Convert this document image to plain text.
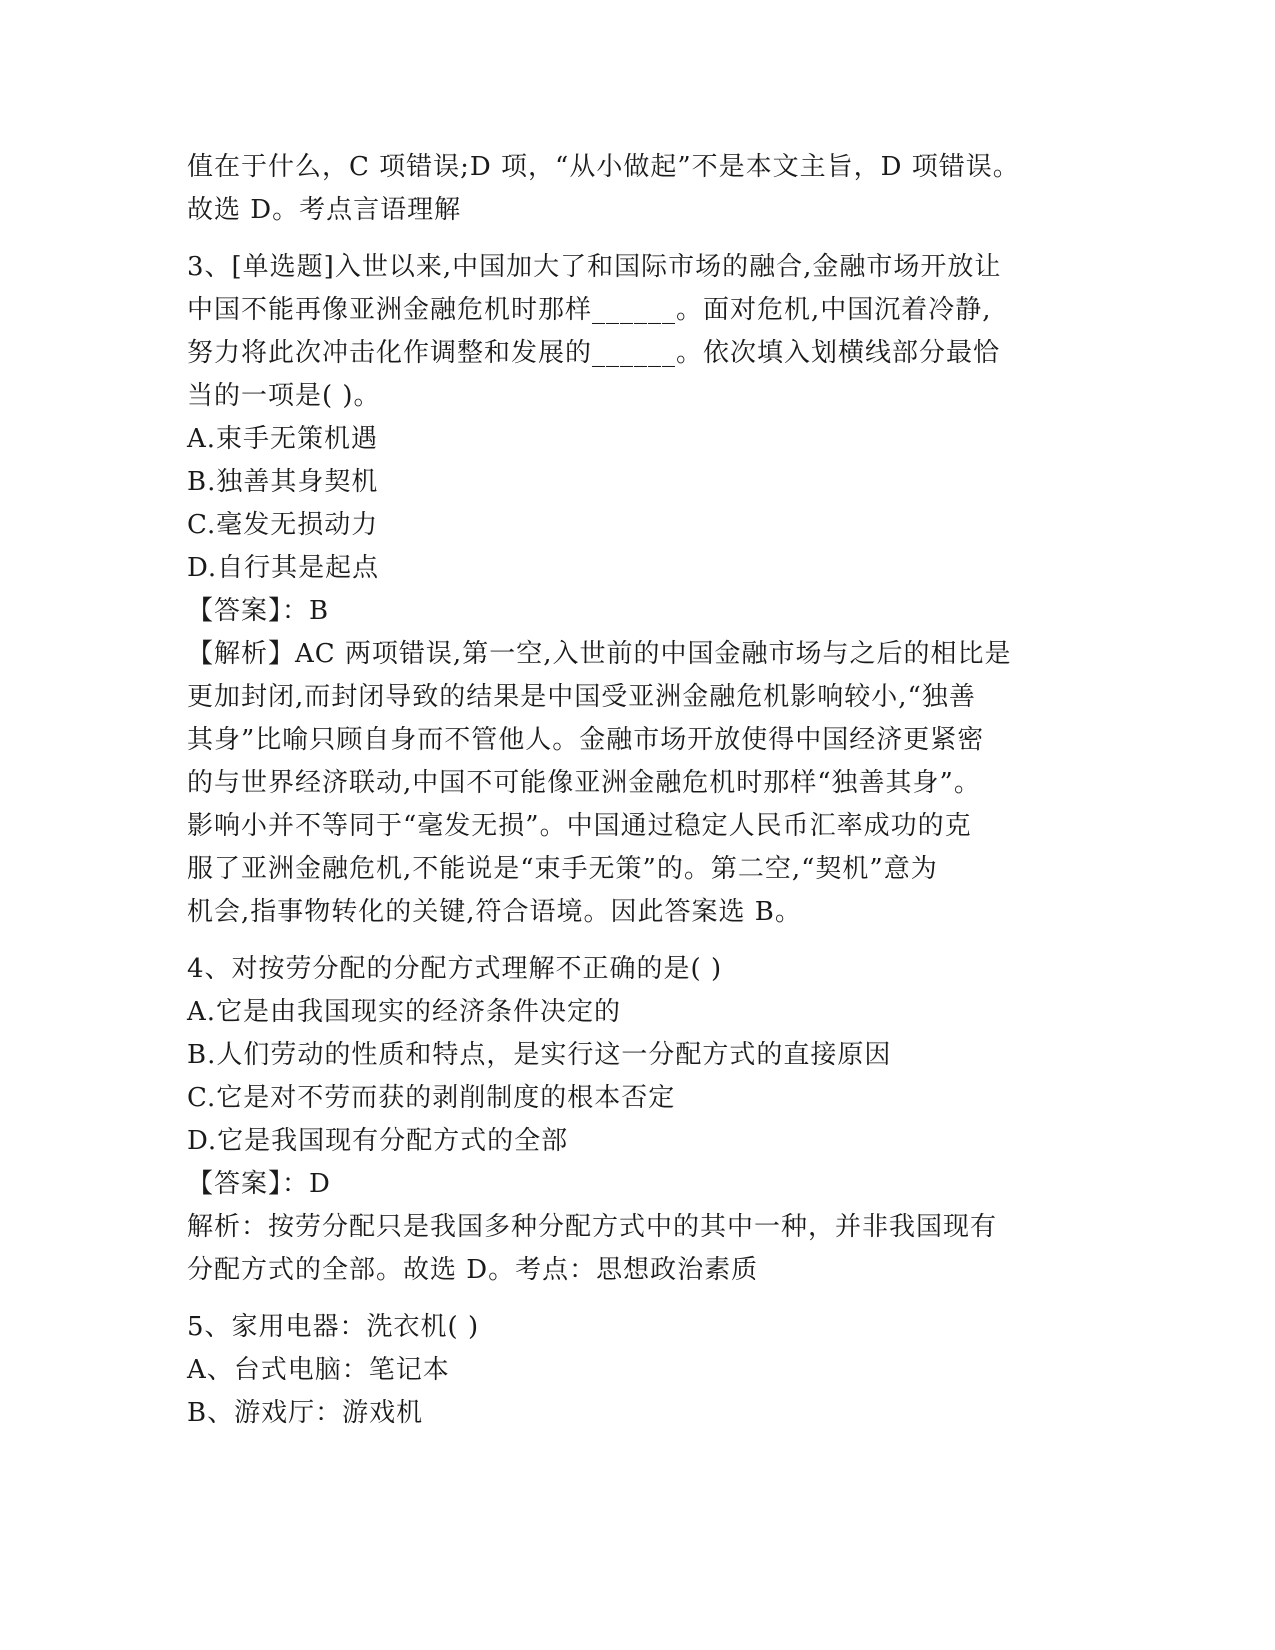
值在于什么，C 项错误;D 项，“从小做起”不是本文主旨，D 项错误。
故选 D。考点言语理解
3、[单选题]入世以来,中国加大了和国际市场的融合,金融市场开放让
中国不能再像亚洲金融危机时那样______。面对危机,中国沉着冷静,
努力将此次冲击化作调整和发展的______。依次填入划横线部分最恰
当的一项是( )。
A.束手无策机遇
B.独善其身契机
C.毫发无损动力
D.自行其是起点
【答案】：B
【解析】AC 两项错误,第一空,入世前的中国金融市场与之后的相比是
更加封闭,而封闭导致的结果是中国受亚洲金融危机影响较小,“独善
其身”比喻只顾自身而不管他人。金融市场开放使得中国经济更紧密
的与世界经济联动,中国不可能像亚洲金融危机时那样“独善其身”。
影响小并不等同于“毫发无损”。中国通过稳定人民币汇率成功的克
服了亚洲金融危机,不能说是“束手无策”的。第二空,“契机”意为
机会,指事物转化的关键,符合语境。因此答案选 B。
4、对按劳分配的分配方式理解不正确的是( )
A.它是由我国现实的经济条件决定的
B.人们劳动的性质和特点，是实行这一分配方式的直接原因
C.它是对不劳而获的剥削制度的根本否定
D.它是我国现有分配方式的全部
【答案】：D
解析：按劳分配只是我国多种分配方式中的其中一种，并非我国现有
分配方式的全部。故选 D。考点：思想政治素质
5、家用电器：洗衣机( )
A、台式电脑：笔记本
B、游戏厅：游戏机
